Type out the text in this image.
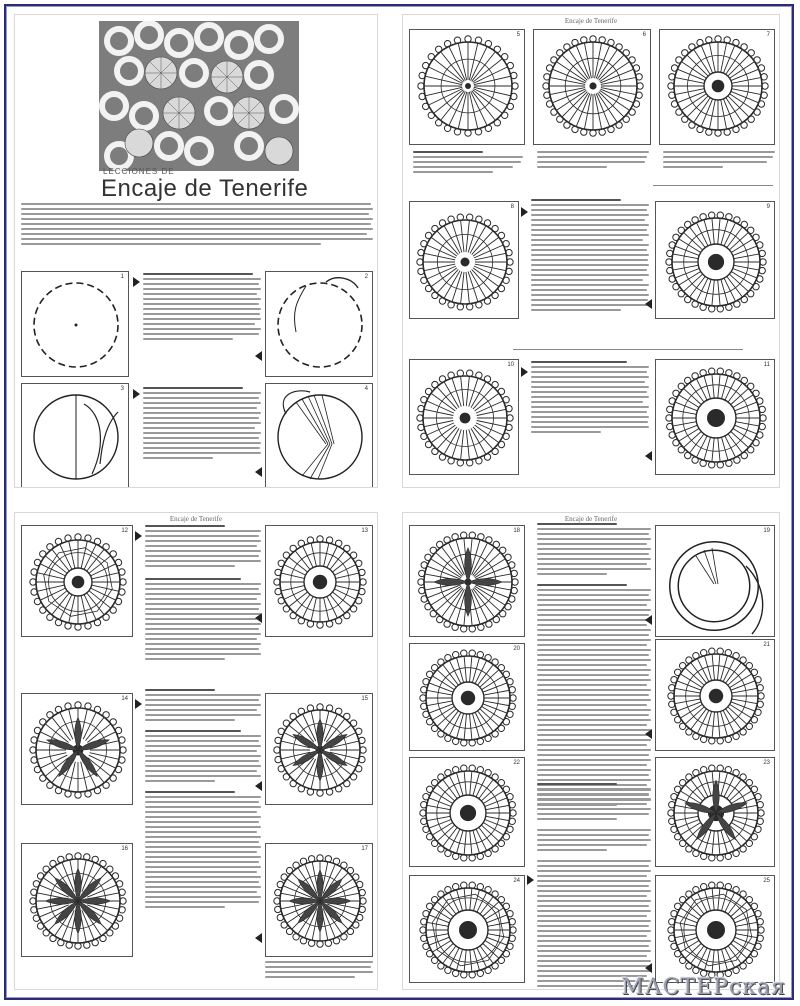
LECCIONES DE
Encaje de Tenerife
1	2
3	4
Encaje de Tenerife
5	6	7
8	9
10	11
Encaje de Tenerife
12	13
14	15
16	17
Encaje de Tenerife
18	19
20
21
22	23
24	25
МАСТЕРская
